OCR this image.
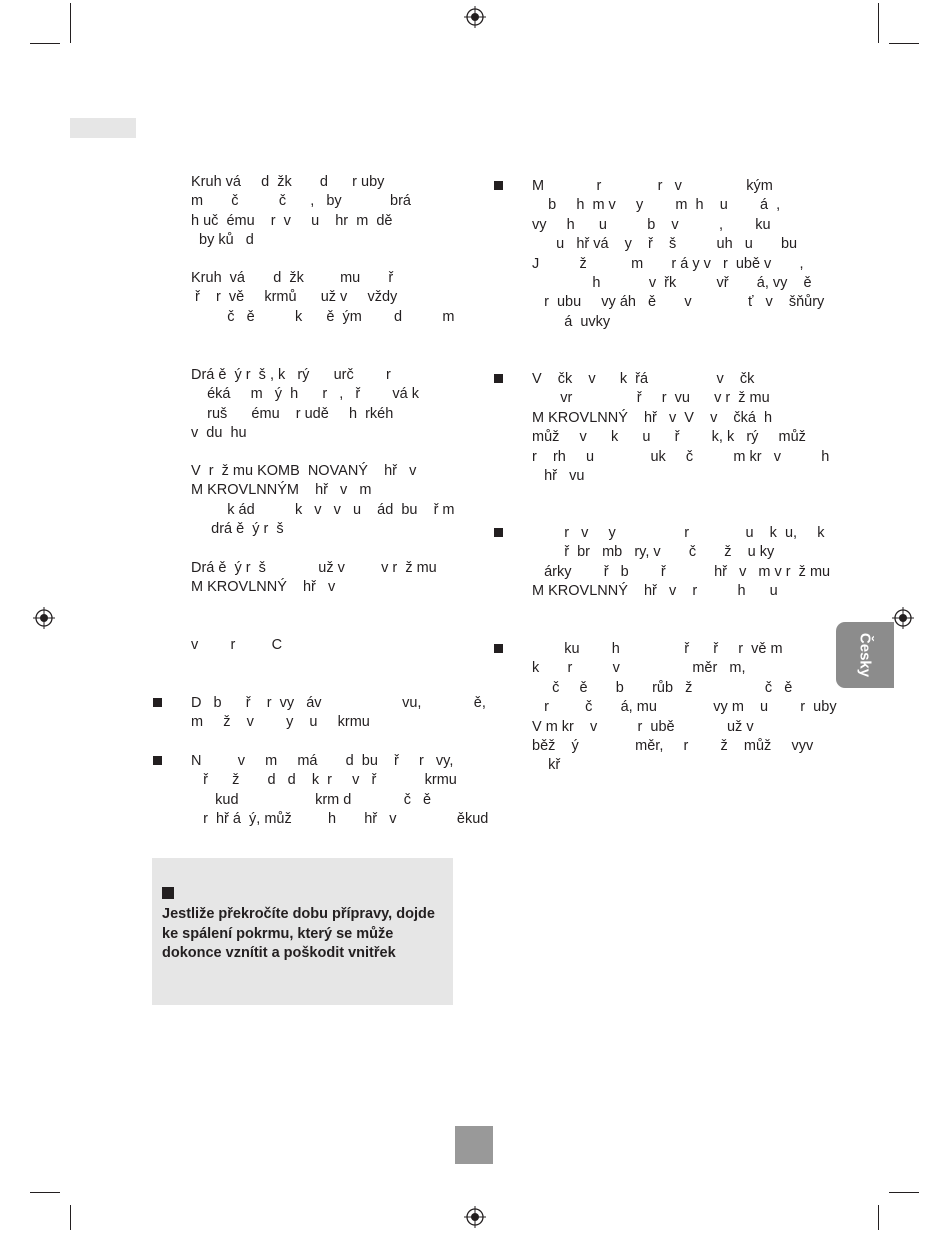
Kruh vá     d  žk       d      r uby
m       č          č      ,   by            brá
h uč  ému    r  v     u    hr  m  dě
by ků   d

Kruh  vá       d  žk         mu       ř
ř    r  vě     krmů      už v     vždy
č   ě          k      ě  ým        d          m

Drá ě  ý r  š , k   rý      urč        r
éká     m   ý  h      r   ,   ř        vá k
ruš      ému    r udě     h  rkéh
v  du  hu

V  r  ž mu KOMB  NOVANÝ    hř   v
M KROVLNNÝM    hř   v   m
k ád          k   v   v   u    ád  bu    ř m
drá ě  ý r  š

Drá ě  ý r  š             už v         v r  ž mu
M KROVLNNÝ    hř   v

v        r         C

D   b      ř    r  vy   áv                    vu,             ě,
m     ž    v        y    u     krmu

N         v     m     má       d  bu    ř     r   vy,
ř      ž       d   d    k  r     v   ř            krmu
kud                   krm d             č   ě
r  hř á  ý, můž         h       hř   v               ěkud

Jestliže překročíte dobu přípravy, dojde
ke spálení pokrmu, který se může
dokonce vznítit a poškodit vnitřek

M             r              r   v                kým
b     h  m v     y        m  h    u        á  ,
vy     h      u          b    v          ,        ku
u   hř vá    y    ř    š          uh   u       bu
J          ž           m       r á y v   r  ubě v       ,
h            v  řk          vř       á, vy    ě
r  ubu     vy áh   ě       v              ť   v    šňůry
á  uvky

V    čk    v      k  řá                 v    čk
vr                ř     r  vu      v r  ž mu
M KROVLNNÝ    hř   v  V    v    čká  h
můž     v      k      u      ř        k, k   rý     můž
r    rh     u              uk     č          m kr   v          h
hř   vu

r   v     y                 r              u    k  u,     k
ř  br   mb   ry, v       č       ž    u ky
árky        ř   b        ř            hř   v   m v r  ž mu
M KROVLNNÝ    hř   v    r          h      u

ku        h                ř      ř     r  vě m
k       r          v                  měr   m,
č     ě       b       růb   ž                  č   ě
r         č       á, mu              vy m    u        r  uby
V m kr    v          r  ubě             už v
běž    ý              měr,     r        ž    můž     vyv
kř

Česky
